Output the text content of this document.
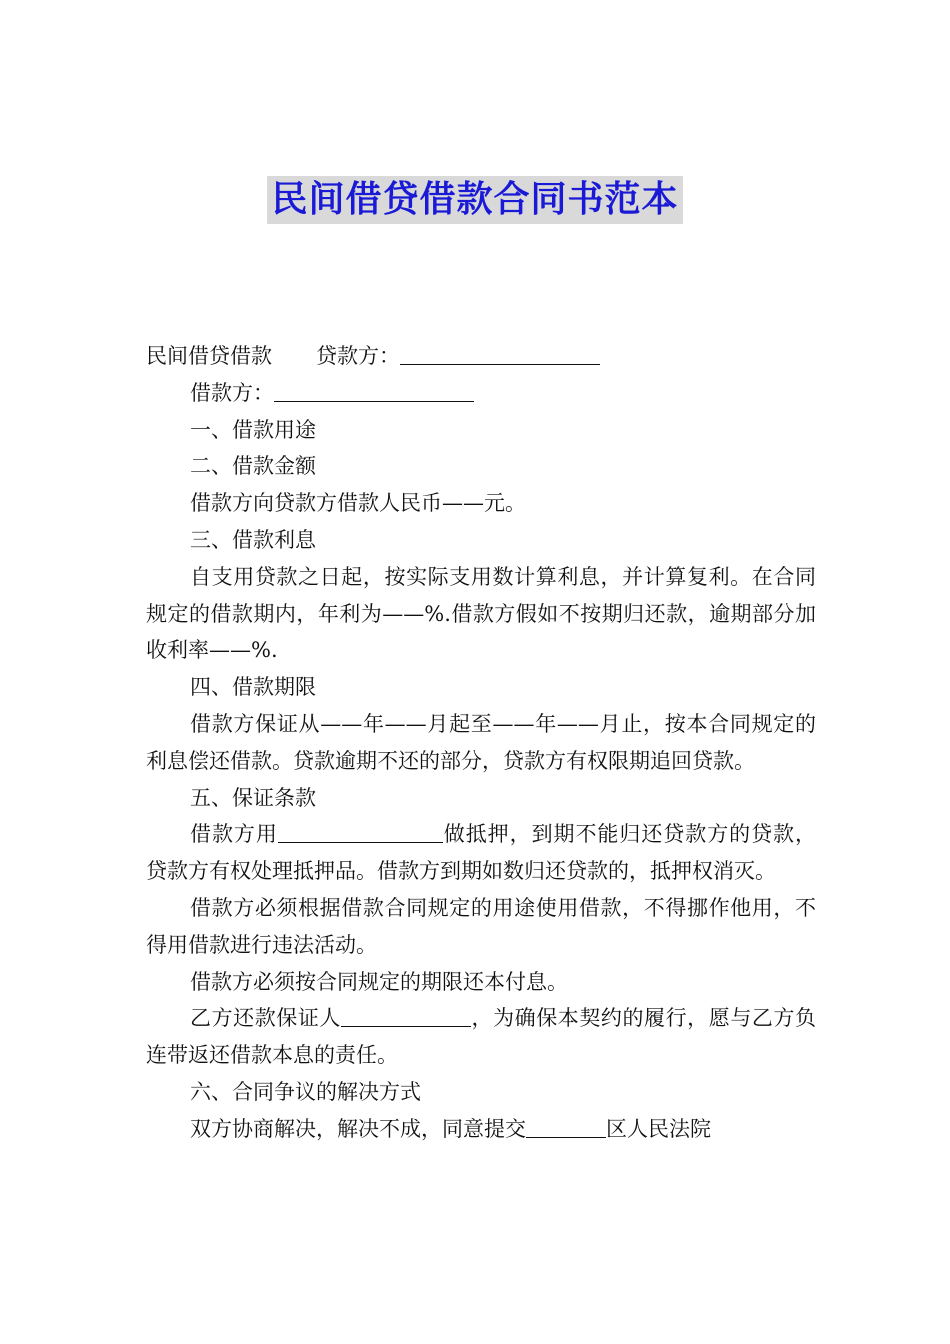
民间借贷借款合同书范本

民间借贷借款 贷款方：

借款方：

一、借款用途

二、借款金额

借款方向贷款方借款人民币——元。

三、借款利息

自支用贷款之日起，按实际支用数计算利息，并计算复利。在合同规定的借款期内，年利为——%.借款方假如不按期归还款，逾期部分加收利率——%.

四、借款期限

借款方保证从——年——月起至——年——月止，按本合同规定的利息偿还借款。贷款逾期不还的部分，贷款方有权限期追回贷款。

五、保证条款

借款方用	做抵押，到期不能归还贷款方的贷款，贷款方有权处理抵押品。借款方到期如数归还贷款的，抵押权消灭。

借款方必须根据借款合同规定的用途使用借款，不得挪作他用，不得用借款进行违法活动。

借款方必须按合同规定的期限还本付息。

乙方还款保证人	，为确保本契约的履行，愿与乙方负连带返还借款本息的责任。

六、合同争议的解决方式

双方协商解决，解决不成，同意提交	区人民法院
